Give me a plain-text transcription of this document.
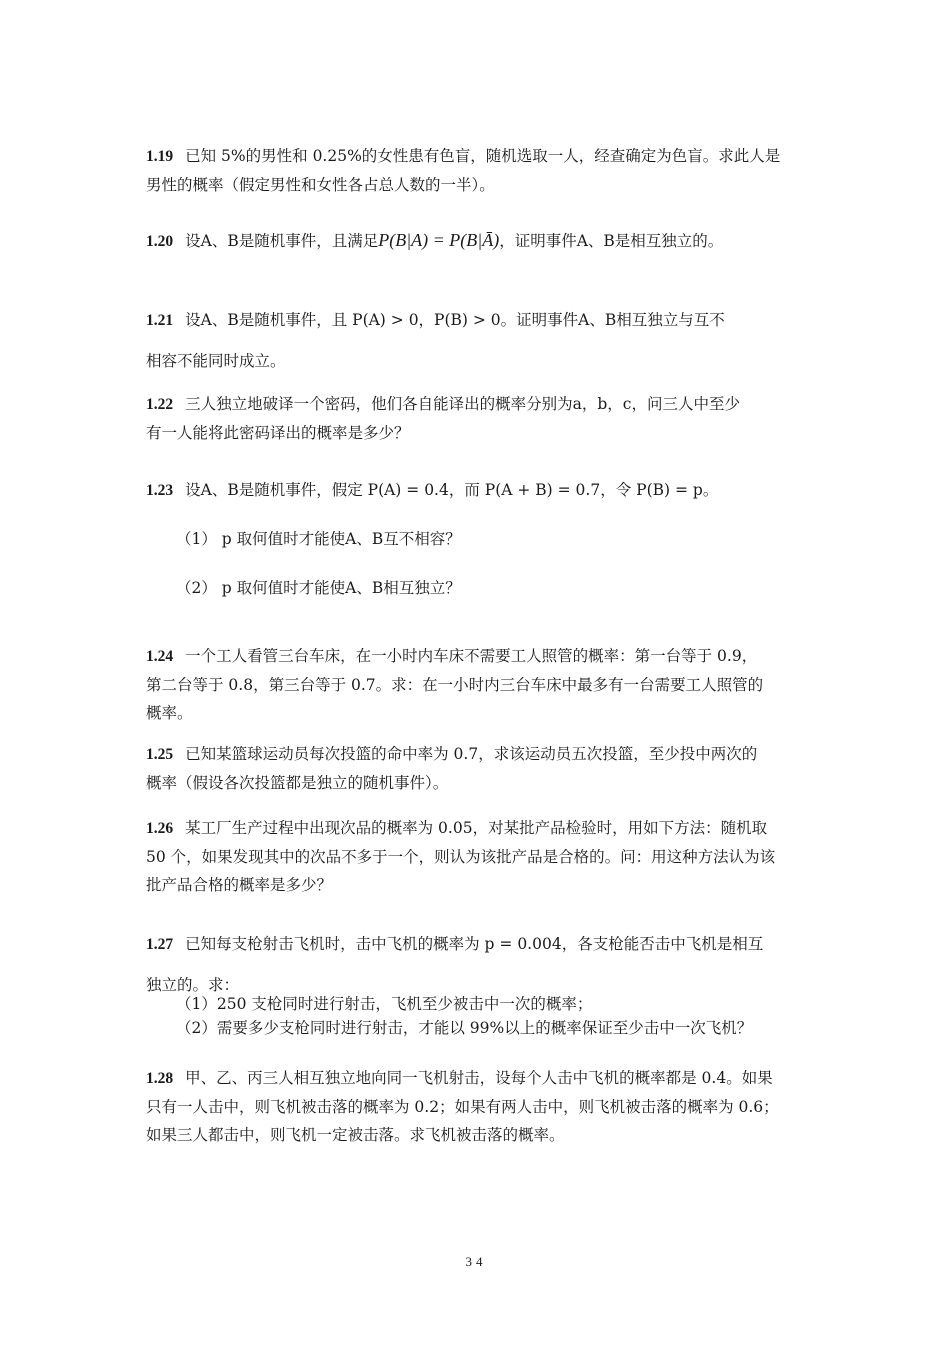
1.19 已知 5%的男性和 0.25%的女性患有色盲，随机选取一人，经查确定为色盲。求此人是
男性的概率（假定男性和女性各占总人数的一半）。
1.20 设A、B是随机事件，且满足P(B|A) = P(B|Ā)，证明事件A、B是相互独立的。
1.21 设A、B是随机事件，且 P(A) > 0，P(B) > 0。证明事件A、B相互独立与互不
相容不能同时成立。
1.22 三人独立地破译一个密码，他们各自能译出的概率分别为a，b，c，问三人中至少
有一人能将此密码译出的概率是多少？
1.23 设A、B是随机事件，假定 P(A) = 0.4，而 P(A + B) = 0.7，令 P(B) = p。
（1） p 取何值时才能使A、B互不相容？
（2） p 取何值时才能使A、B相互独立？
1.24 一个工人看管三台车床，在一小时内车床不需要工人照管的概率：第一台等于 0.9，
第二台等于 0.8，第三台等于 0.7。求：在一小时内三台车床中最多有一台需要工人照管的
概率。
1.25 已知某篮球运动员每次投篮的命中率为 0.7，求该运动员五次投篮，至少投中两次的
概率（假设各次投篮都是独立的随机事件）。
1.26 某工厂生产过程中出现次品的概率为 0.05，对某批产品检验时，用如下方法：随机取
50 个，如果发现其中的次品不多于一个，则认为该批产品是合格的。问：用这种方法认为该
批产品合格的概率是多少？
1.27 已知每支枪射击飞机时，击中飞机的概率为 p = 0.004，各支枪能否击中飞机是相互
独立的。求：
（1）250 支枪同时进行射击，飞机至少被击中一次的概率；
（2）需要多少支枪同时进行射击，才能以 99%以上的概率保证至少击中一次飞机？
1.28 甲、乙、丙三人相互独立地向同一飞机射击，设每个人击中飞机的概率都是 0.4。如果
只有一人击中，则飞机被击落的概率为 0.2；如果有两人击中，则飞机被击落的概率为 0.6；
如果三人都击中，则飞机一定被击落。求飞机被击落的概率。
34
